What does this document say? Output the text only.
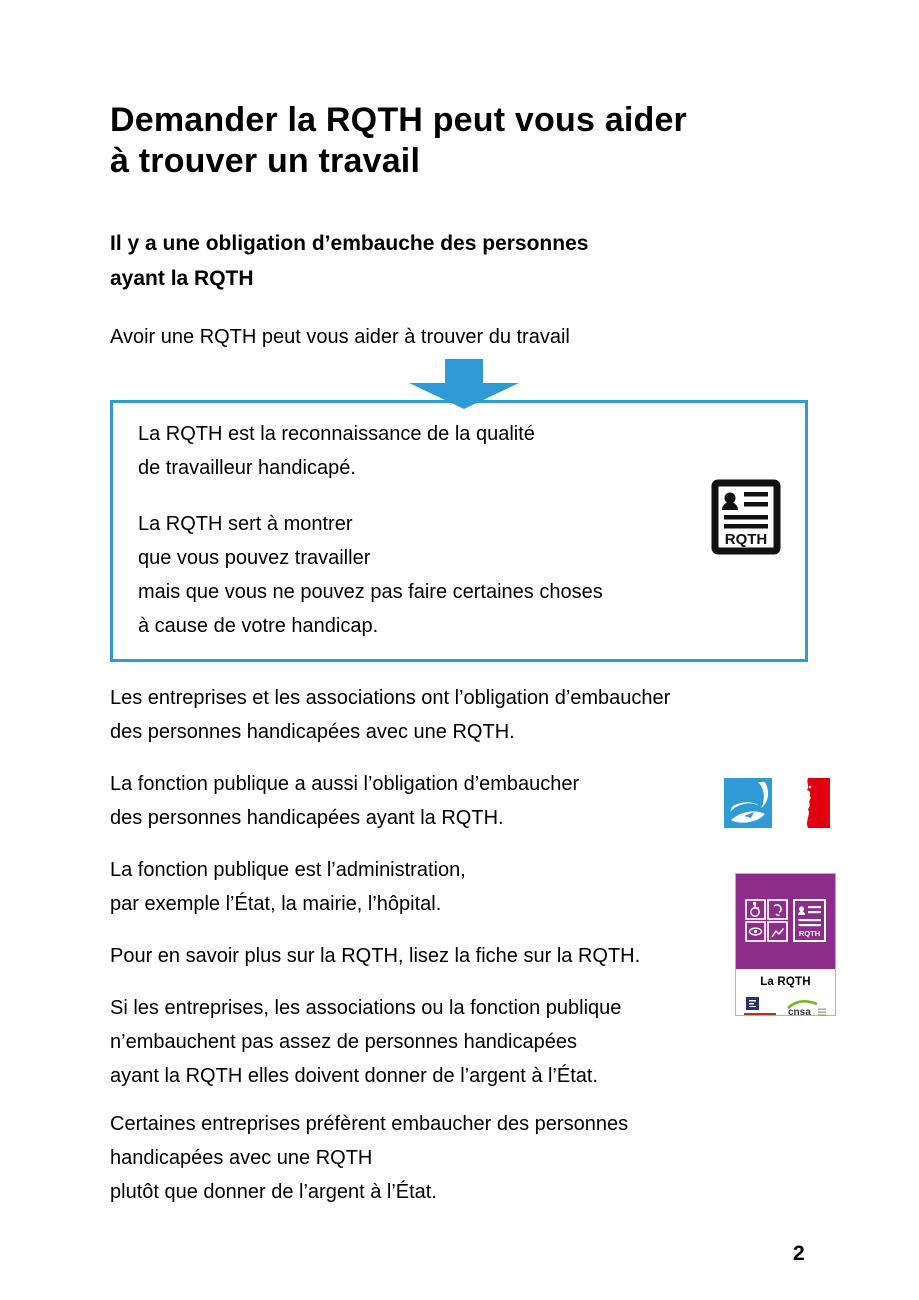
Demander la RQTH peut vous aider
à trouver un travail
Il y a une obligation d’embauche des personnes
ayant la RQTH
Avoir une RQTH peut vous aider à trouver du travail
La RQTH est la reconnaissance de la qualité
de travailleur handicapé.
La RQTH sert à montrer
que vous pouvez travailler
mais que vous ne pouvez pas faire certaines choses
à cause de votre handicap.
RQTH
Les entreprises et les associations ont l’obligation d’embaucher
des personnes handicapées avec une RQTH.
La fonction publique a aussi l’obligation d’embaucher
des personnes handicapées ayant la RQTH.
La fonction publique est l’administration,
par exemple l’État, la mairie, l’hôpital.
RQTH
La RQTH
cnsa
Pour en savoir plus sur la RQTH, lisez la fiche sur la RQTH.
Si les entreprises, les associations ou la fonction publique
n’embauchent pas assez de personnes handicapées
ayant la RQTH elles doivent donner de l’argent à l’État.
Certaines entreprises préfèrent embaucher des personnes
handicapées avec une RQTH
plutôt que donner de l’argent à l’État.
2
